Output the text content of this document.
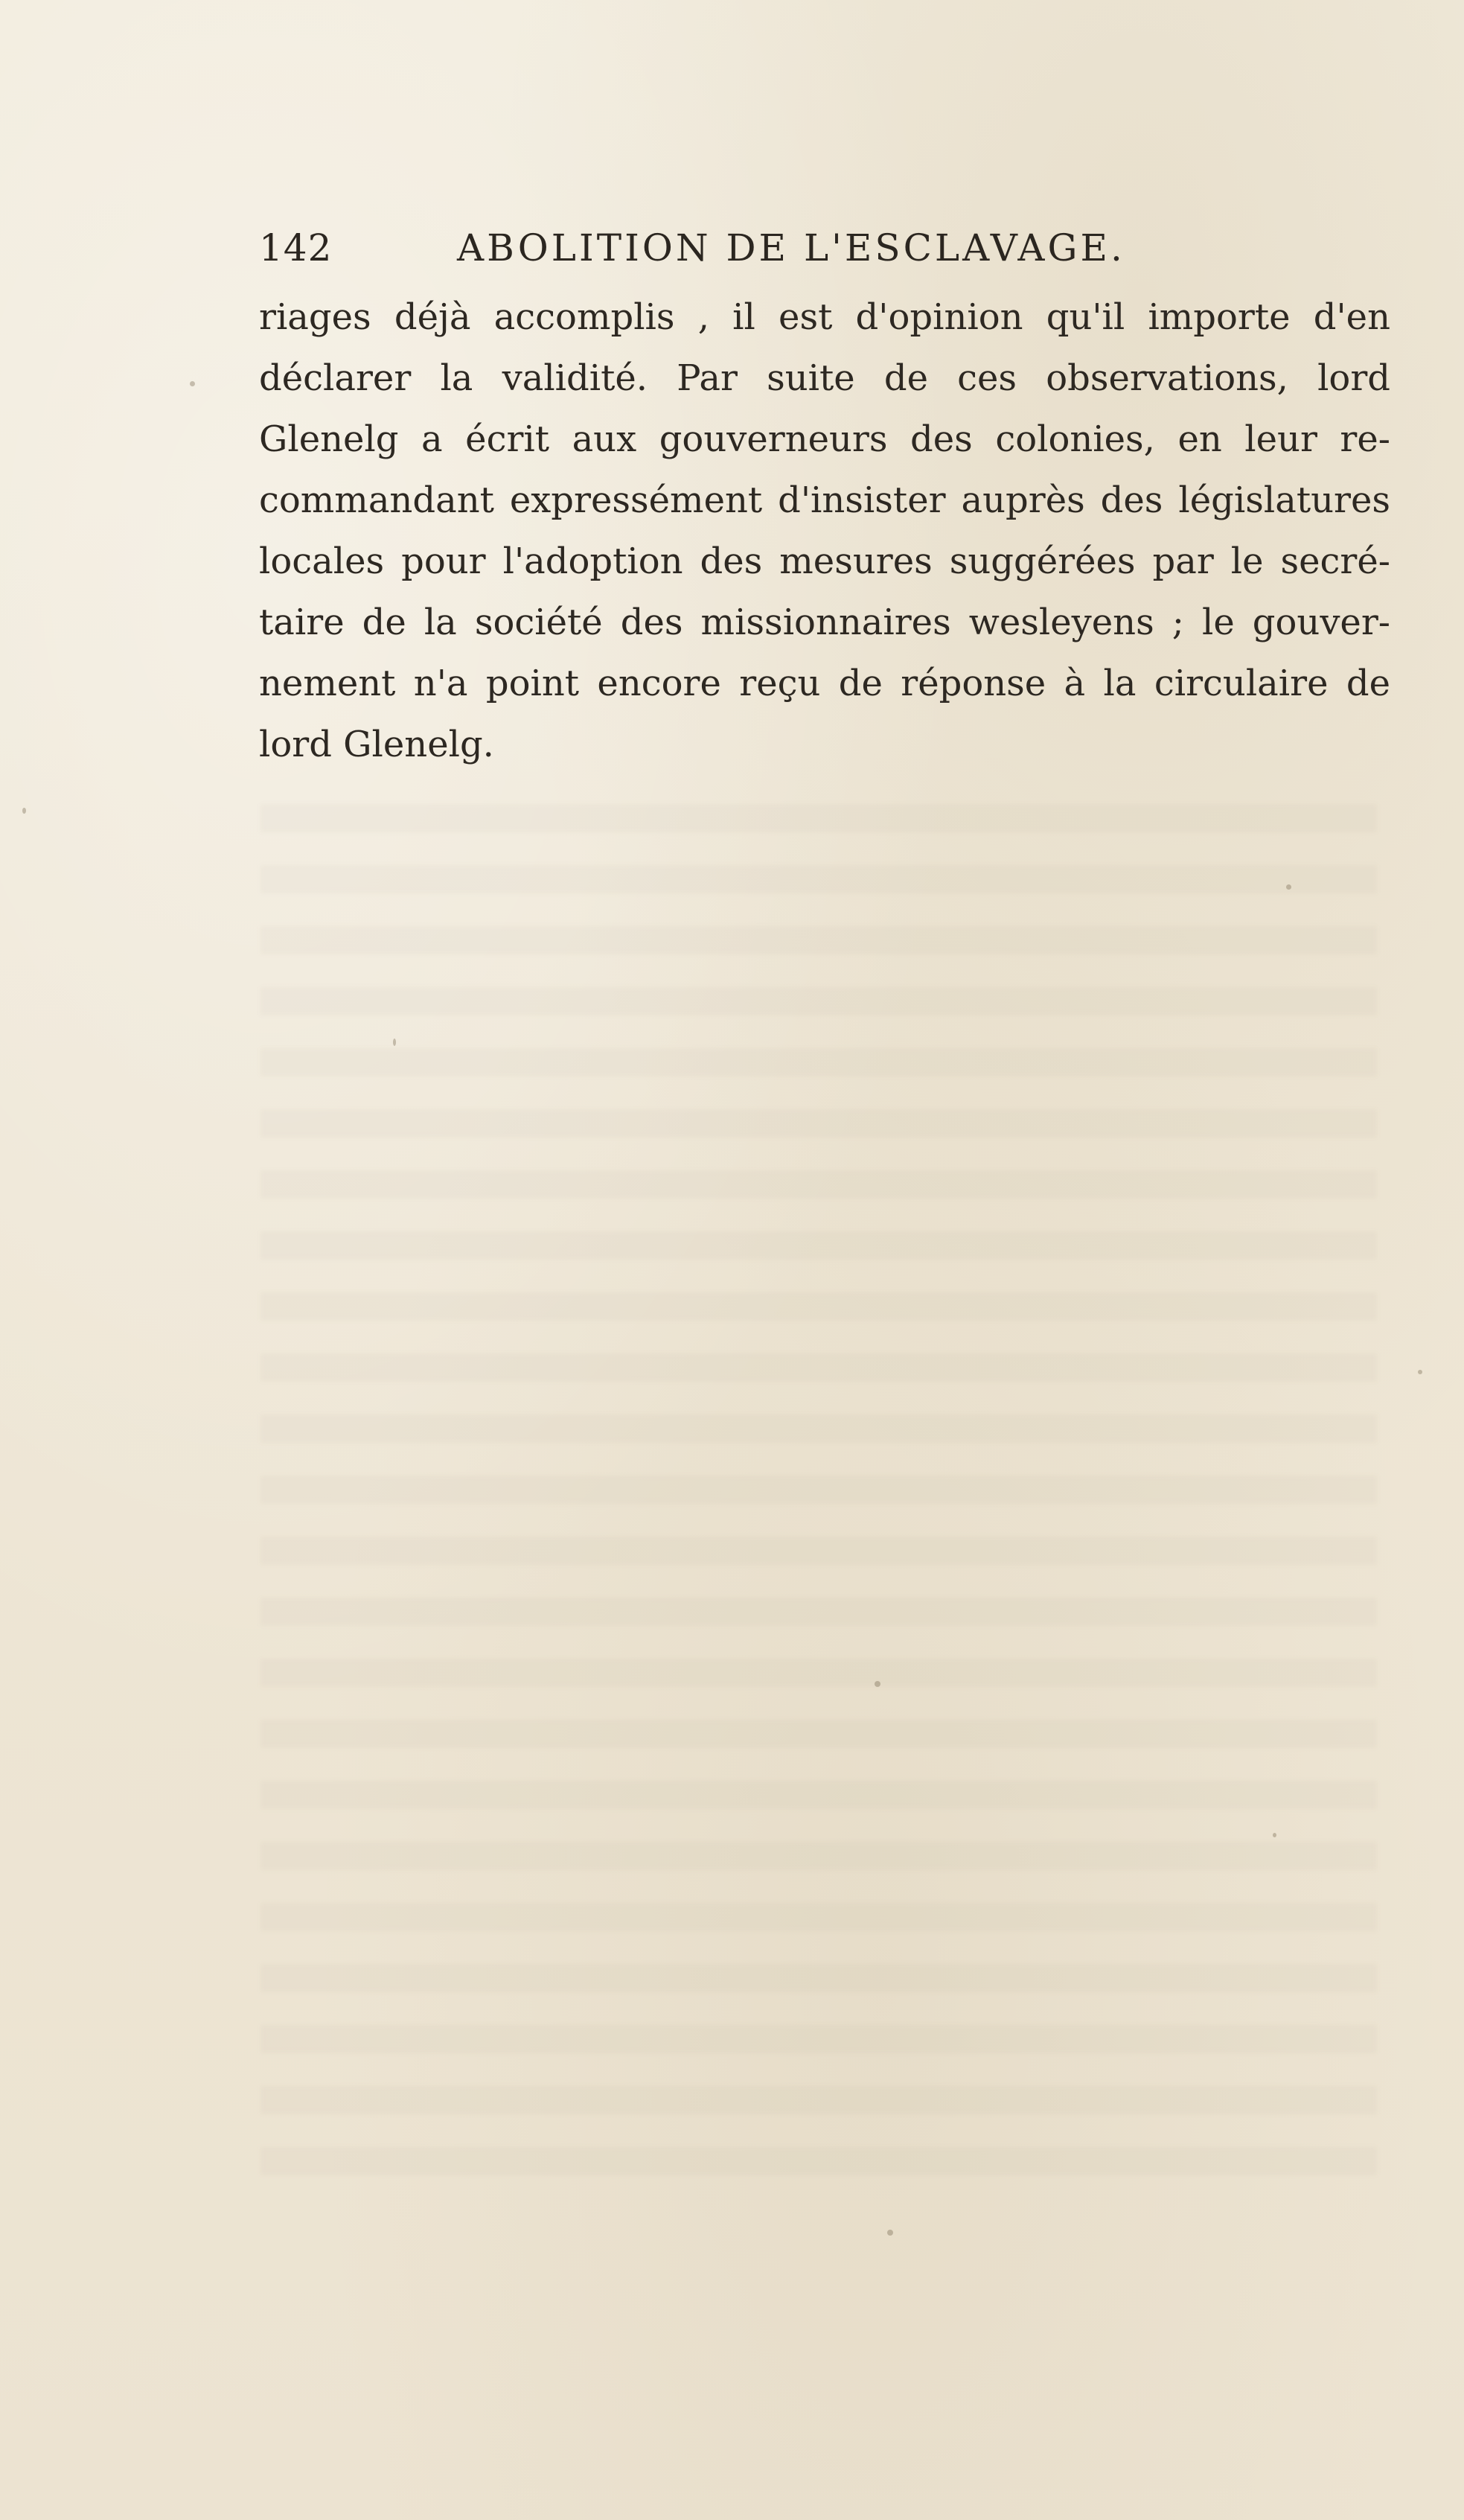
142	ABOLITION DE L'ESCLAVAGE.
riages déjà accomplis , il est d'opinion qu'il importe d'en
déclarer la validité. Par suite de ces observations, lord
Glenelg a écrit aux gouverneurs des colonies, en leur re-
commandant expressément d'insister auprès des législatures
locales pour l'adoption des mesures suggérées par le secré-
taire de la société des missionnaires wesleyens ; le gouver-
nement n'a point encore reçu de réponse à la circulaire de
lord Glenelg.
